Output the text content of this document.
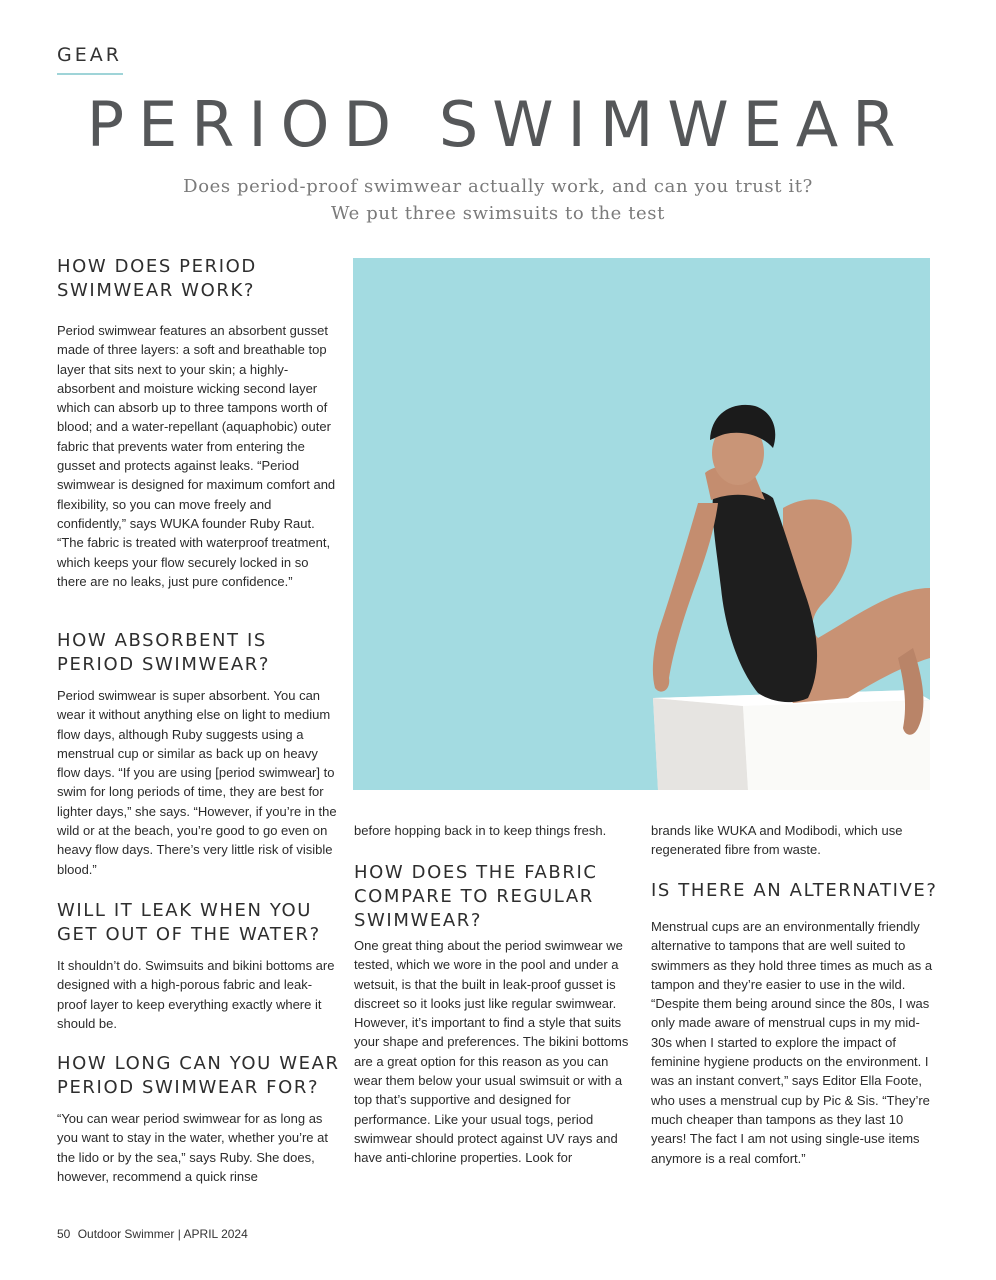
GEAR
PERIOD SWIMWEAR
Does period-proof swimwear actually work, and can you trust it?
We put three swimsuits to the test
HOW DOES PERIOD
SWIMWEAR WORK?

Period swimwear features an absorbent gusset made of three layers: a soft and breathable top layer that sits next to your skin; a highly-absorbent and moisture wicking second layer which can absorb up to three tampons worth of blood; and a water-repellant (aquaphobic) outer fabric that prevents water from entering the gusset and protects against leaks. “Period swimwear is designed for maximum comfort and flexibility, so you can move freely and confidently,” says WUKA founder Ruby Raut. “The fabric is treated with waterproof treatment, which keeps your flow securely locked in so there are no leaks, just pure confidence.”

HOW ABSORBENT IS
PERIOD SWIMWEAR?

Period swimwear is super absorbent. You can wear it without anything else on light to medium flow days, although Ruby suggests using a menstrual cup or similar as back up on heavy flow days. “If you are using [period swimwear] to swim for long periods of time, they are best for lighter days,” she says. “However, if you’re in the wild or at the beach, you’re good to go even on heavy flow days. There’s very little risk of visible blood.”

WILL IT LEAK WHEN YOU
GET OUT OF THE WATER?

It shouldn’t do. Swimsuits and bikini bottoms are designed with a high-porous fabric and leak-proof layer to keep everything exactly where it should be.

HOW LONG CAN YOU WEAR
PERIOD SWIMWEAR FOR?

“You can wear period swimwear for as long as you want to stay in the water, whether you’re at the lido or by the sea,” says Ruby. She does, however, recommend a quick rinse

before hopping back in to keep things fresh.

HOW DOES THE FABRIC
COMPARE TO REGULAR
SWIMWEAR?

One great thing about the period swimwear we tested, which we wore in the pool and under a wetsuit, is that the built in leak-proof gusset is discreet so it looks just like regular swimwear. However, it’s important to find a style that suits your shape and preferences. The bikini bottoms are a great option for this reason as you can wear them below your usual swimsuit or with a top that’s supportive and designed for performance. Like your usual togs, period swimwear should protect against UV rays and have anti-chlorine properties. Look for

brands like WUKA and Modibodi, which use regenerated fibre from waste.

IS THERE AN ALTERNATIVE?

Menstrual cups are an environmentally friendly alternative to tampons that are well suited to swimmers as they hold three times as much as a tampon and they’re easier to use in the wild. “Despite them being around since the 80s, I was only made aware of menstrual cups in my mid-30s when I started to explore the impact of feminine hygiene products on the environment. I was an instant convert,” says Editor Ella Foote, who uses a menstrual cup by Pic & Sis. “They’re much cheaper than tampons as they last 10 years! The fact I am not using single-use items anymore is a real comfort.”

50 Outdoor Swimmer | APRIL 2024
